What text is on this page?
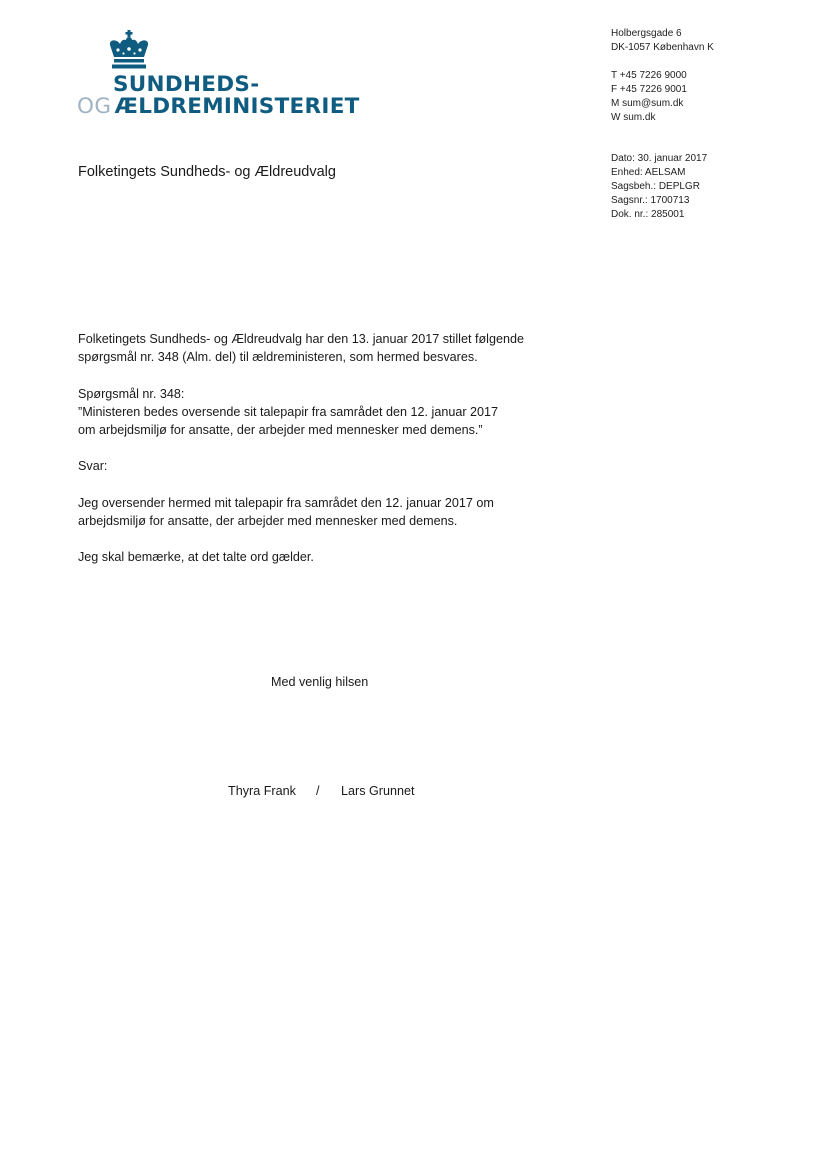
SUNDHEDS-
OG ÆLDREMINISTERIET
Holbergsgade 6
DK-1057 København K
T +45 7226 9000
F +45 7226 9001
M sum@sum.dk
W sum.dk
Dato: 30. januar 2017
Enhed: AELSAM
Sagsbeh.: DEPLGR
Sagsnr.: 1700713
Dok. nr.: 285001
Folketingets Sundheds- og Ældreudvalg

Folketingets Sundheds- og Ældreudvalg har den 13. januar 2017 stillet følgende
spørgsmål nr. 348 (Alm. del) til ældreministeren, som hermed besvares.

Spørgsmål nr. 348:
”Ministeren bedes oversende sit talepapir fra samrådet den 12. januar 2017
om arbejdsmiljø for ansatte, der arbejder med mennesker med demens.”

Svar:

Jeg oversender hermed mit talepapir fra samrådet den 12. januar 2017 om
arbejdsmiljø for ansatte, der arbejder med mennesker med demens.

Jeg skal bemærke, at det talte ord gælder.

Med venlig hilsen
Thyra Frank / Lars Grunnet
